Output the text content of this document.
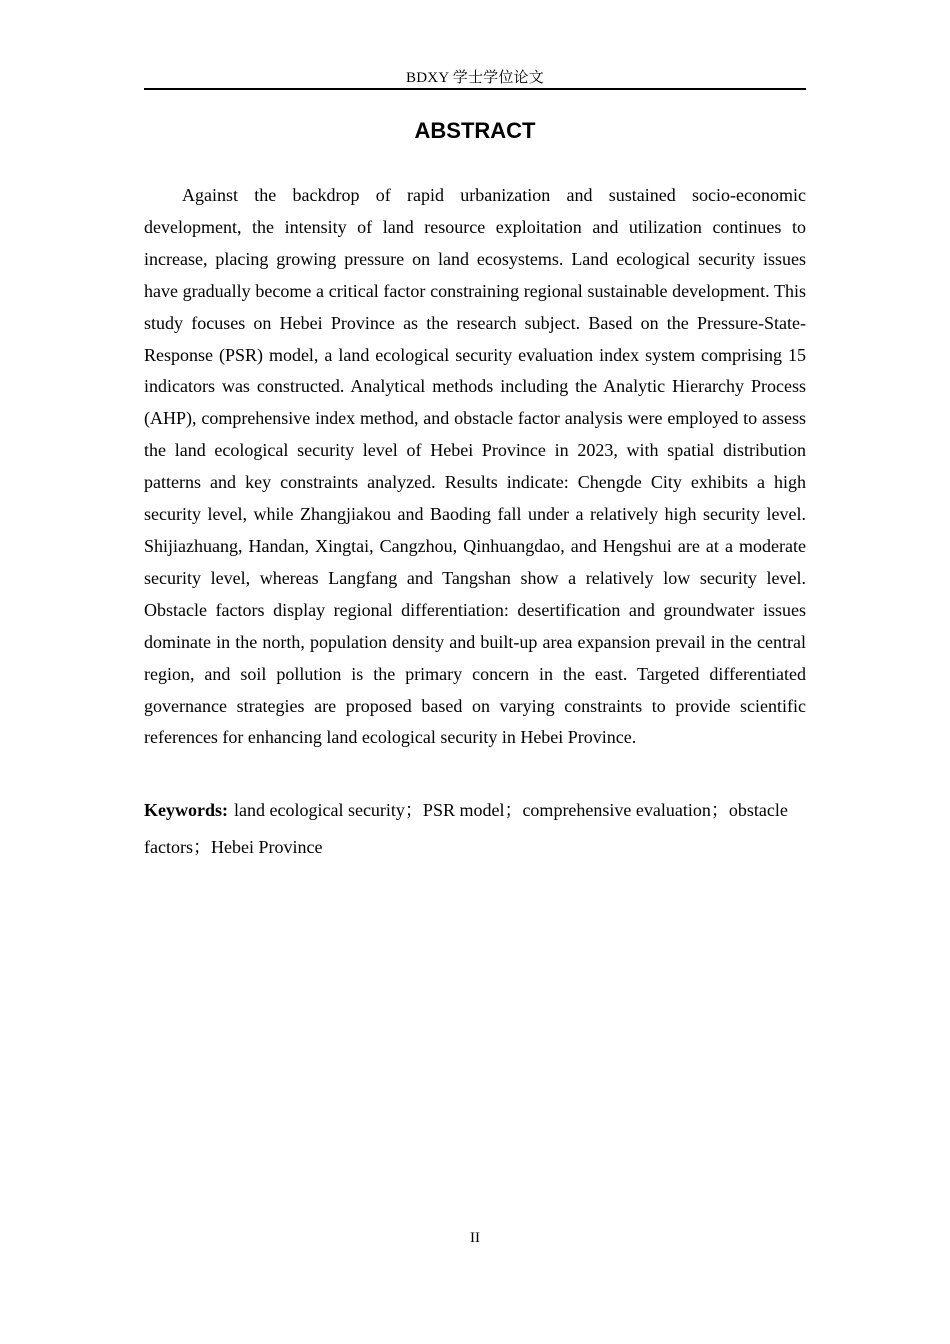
BDXY 学士学位论文
ABSTRACT

Against the backdrop of rapid urbanization and sustained socio-economic development, the intensity of land resource exploitation and utilization continues to increase, placing growing pressure on land ecosystems. Land ecological security issues have gradually become a critical factor constraining regional sustainable development. This study focuses on Hebei Province as the research subject. Based on the Pressure-State-Response (PSR) model, a land ecological security evaluation index system comprising 15 indicators was constructed. Analytical methods including the Analytic Hierarchy Process (AHP), comprehensive index method, and obstacle factor analysis were employed to assess the land ecological security level of Hebei Province in 2023, with spatial distribution patterns and key constraints analyzed. Results indicate: Chengde City exhibits a high security level, while Zhangjiakou and Baoding fall under a relatively high security level. Shijiazhuang, Handan, Xingtai, Cangzhou, Qinhuangdao, and Hengshui are at a moderate security level, whereas Langfang and Tangshan show a relatively low security level. Obstacle factors display regional differentiation: desertification and groundwater issues dominate in the north, population density and built-up area expansion prevail in the central region, and soil pollution is the primary concern in the east. Targeted differentiated governance strategies are proposed based on varying constraints to provide scientific references for enhancing land ecological security in Hebei Province.

Keywords: land ecological security；PSR model；comprehensive evaluation；obstacle factors；Hebei Province

II
